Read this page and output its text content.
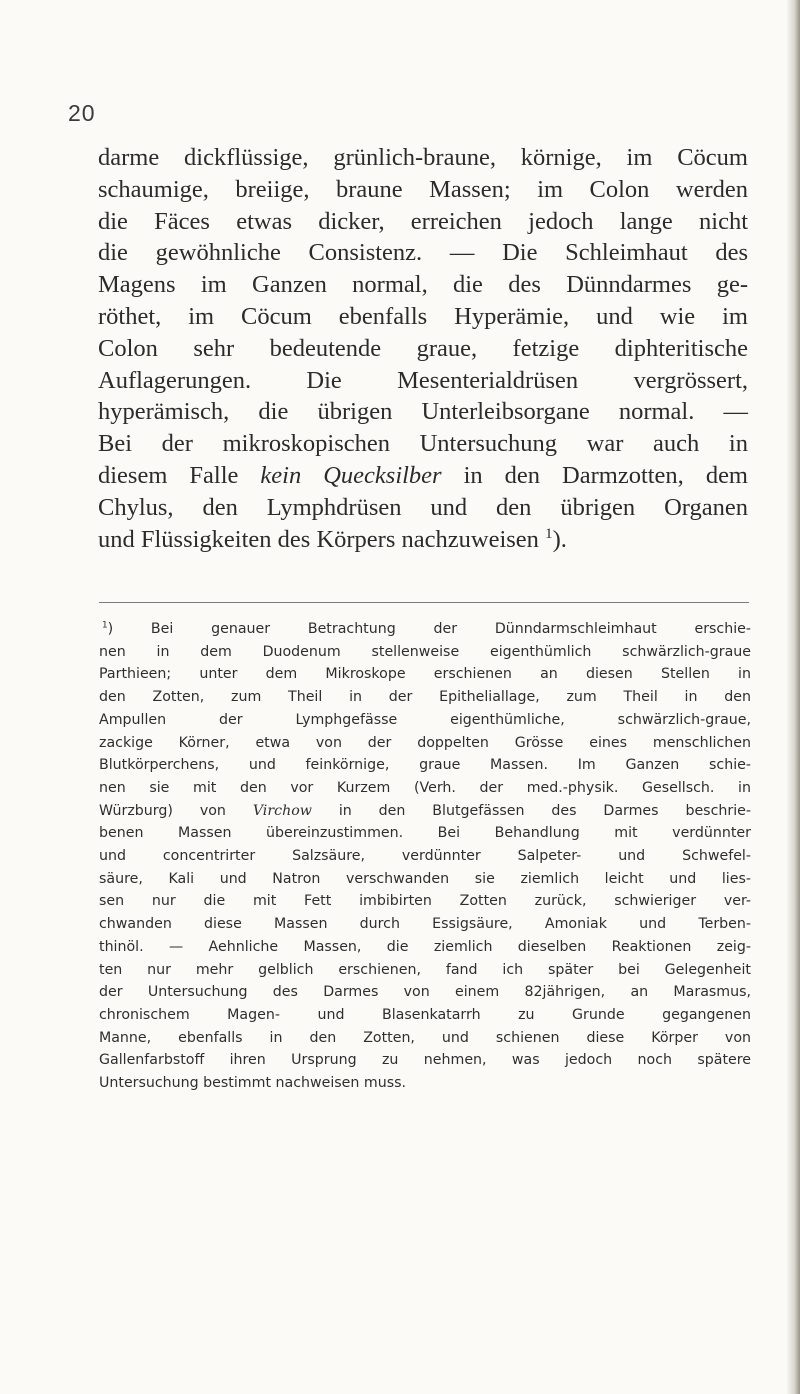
20
darme dickflüssige, grünlich-braune, körnige, im Cöcum
schaumige, breiige, braune Massen; im Colon werden
die Fäces etwas dicker, erreichen jedoch lange nicht
die gewöhnliche Consistenz. — Die Schleimhaut des
Magens im Ganzen normal, die des Dünndarmes ge-
röthet, im Cöcum ebenfalls Hyperämie, und wie im
Colon sehr bedeutende graue, fetzige diphteritische
Auflagerungen. Die Mesenterialdrüsen vergrössert,
hyperämisch, die übrigen Unterleibsorgane normal. —
Bei der mikroskopischen Untersuchung war auch in
diesem Falle kein Quecksilber in den Darmzotten, dem
Chylus, den Lymphdrüsen und den übrigen Organen
und Flüssigkeiten des Körpers nachzuweisen $^1$).
$^1$) Bei genauer Betrachtung der Dünndarmschleimhaut erschie-
nen in dem Duodenum stellenweise eigenthümlich schwärzlich-graue
Parthieen; unter dem Mikroskope erschienen an diesen Stellen in
den Zotten, zum Theil in der Epitheliallage, zum Theil in den
Ampullen der Lymphgefässe eigenthümliche, schwärzlich-graue,
zackige Körner, etwa von der doppelten Grösse eines menschlichen
Blutkörperchens, und feinkörnige, graue Massen. Im Ganzen schie-
nen sie mit den vor Kurzem (Verh. der med.-physik. Gesellsch. in
Würzburg) von Virchow in den Blutgefässen des Darmes beschrie-
benen Massen übereinzustimmen. Bei Behandlung mit verdünnter
und concentrirter Salzsäure, verdünnter Salpeter- und Schwefel-
säure, Kali und Natron verschwanden sie ziemlich leicht und lies-
sen nur die mit Fett imbibirten Zotten zurück, schwieriger ver-
chwanden diese Massen durch Essigsäure, Amoniak und Terben-
thinöl. — Aehnliche Massen, die ziemlich dieselben Reaktionen zeig-
ten nur mehr gelblich erschienen, fand ich später bei Gelegenheit
der Untersuchung des Darmes von einem 82jährigen, an Marasmus,
chronischem Magen- und Blasenkatarrh zu Grunde gegangenen
Manne, ebenfalls in den Zotten, und schienen diese Körper von
Gallenfarbstoff ihren Ursprung zu nehmen, was jedoch noch spätere
Untersuchung bestimmt nachweisen muss.
